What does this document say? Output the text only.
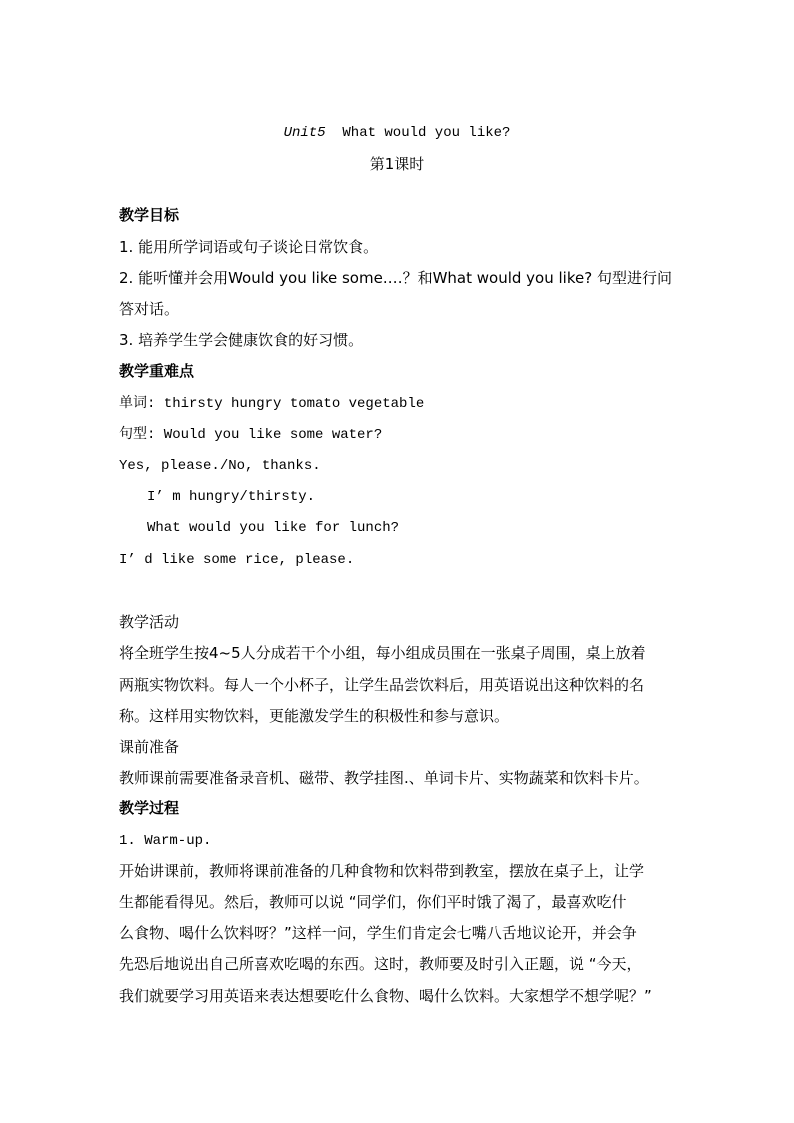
Unit5 What would you like?
第1课时
教学目标
1. 能用所学词语或句子谈论日常饮食。
2. 能听懂并会用Would you like some.…？和What would you like? 句型进行问
答对话。
3. 培养学生学会健康饮食的好习惯。
教学重难点
单词: thirsty hungry tomato vegetable
句型: Would you like some water?
Yes, please./No, thanks.
I’ m hungry/thirsty.
What would you like for lunch?
I’ d like some rice, please.
教学活动
将全班学生按4~5人分成若干个小组，每小组成员围在一张桌子周围，桌上放着
两瓶实物饮料。每人一个小杯子，让学生品尝饮料后，用英语说出这种饮料的名
称。这样用实物饮料，更能激发学生的积极性和参与意识。
课前准备
教师课前需要准备录音机、磁带、教学挂图.、单词卡片、实物蔬菜和饮料卡片。
教学过程
1. Warm-up.
开始讲课前，教师将课前准备的几种食物和饮料带到教室，摆放在桌子上，让学
生都能看得见。然后，教师可以说 “同学们，你们平时饿了渴了，最喜欢吃什
么食物、喝什么饮料呀？”这样一问，学生们肯定会七嘴八舌地议论开，并会争
先恐后地说出自己所喜欢吃喝的东西。这时，教师要及时引入正题，说 “今天，
我们就要学习用英语来表达想要吃什么食物、喝什么饮料。大家想学不想学呢？”
